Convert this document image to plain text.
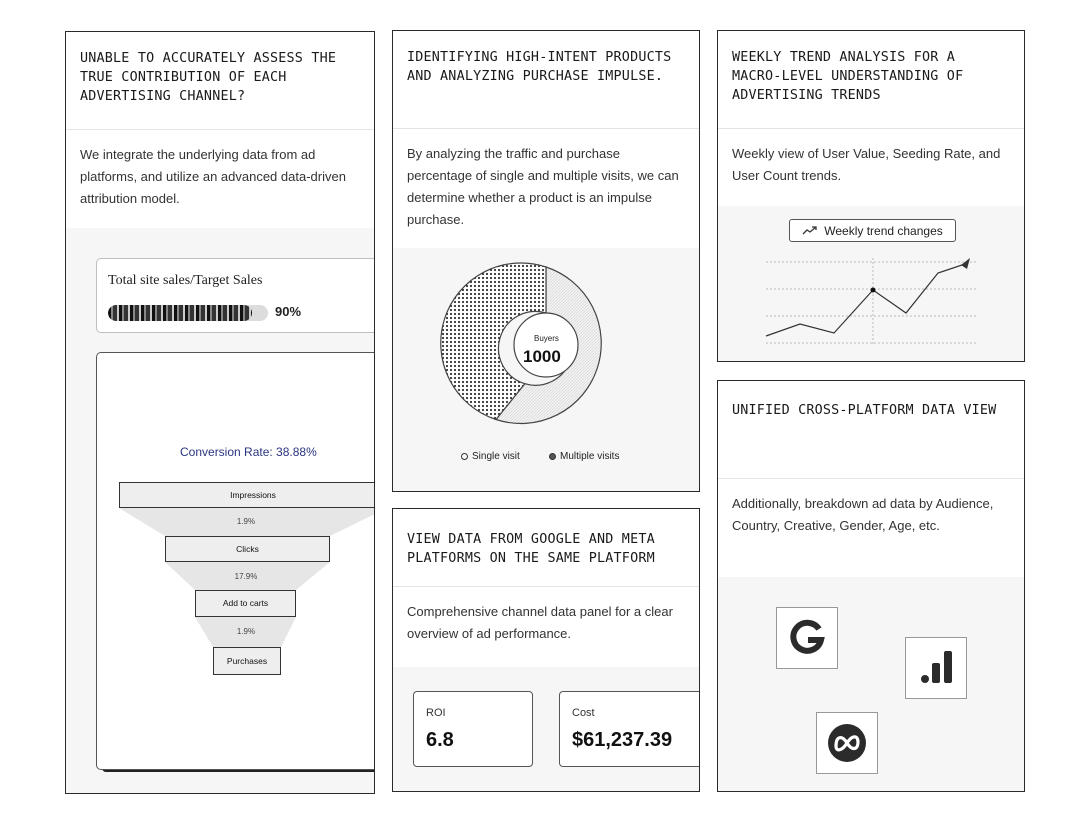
UNABLE TO ACCURATELY ASSESS THE TRUE CONTRIBUTION OF EACH ADVERTISING CHANNEL?
We integrate the underlying data from ad platforms, and utilize an advanced data-driven attribution model.
Total site sales/Target Sales
90%
Conversion Rate: 38.88%
Impressions
1.9%
Clicks
17.9%
Add to carts
1.9%
Purchases
IDENTIFYING HIGH-INTENT PRODUCTS AND ANALYZING PURCHASE IMPULSE.
By analyzing the traffic and purchase percentage of single and multiple visits, we can determine whether a product is an impulse purchase.
Buyers
1000
Single visit	Multiple visits
WEEKLY TREND ANALYSIS FOR A MACRO-LEVEL UNDERSTANDING OF ADVERTISING TRENDS
Weekly view of User Value, Seeding Rate, and User Count trends.
Weekly trend changes
VIEW DATA FROM GOOGLE AND META PLATFORMS ON THE SAME PLATFORM
Comprehensive channel data panel for a clear overview of ad performance.
ROI
6.8
Cost
$61,237.39
UNIFIED CROSS-PLATFORM DATA VIEW
Additionally, breakdown ad data by Audience, Country, Creative, Gender, Age, etc.
